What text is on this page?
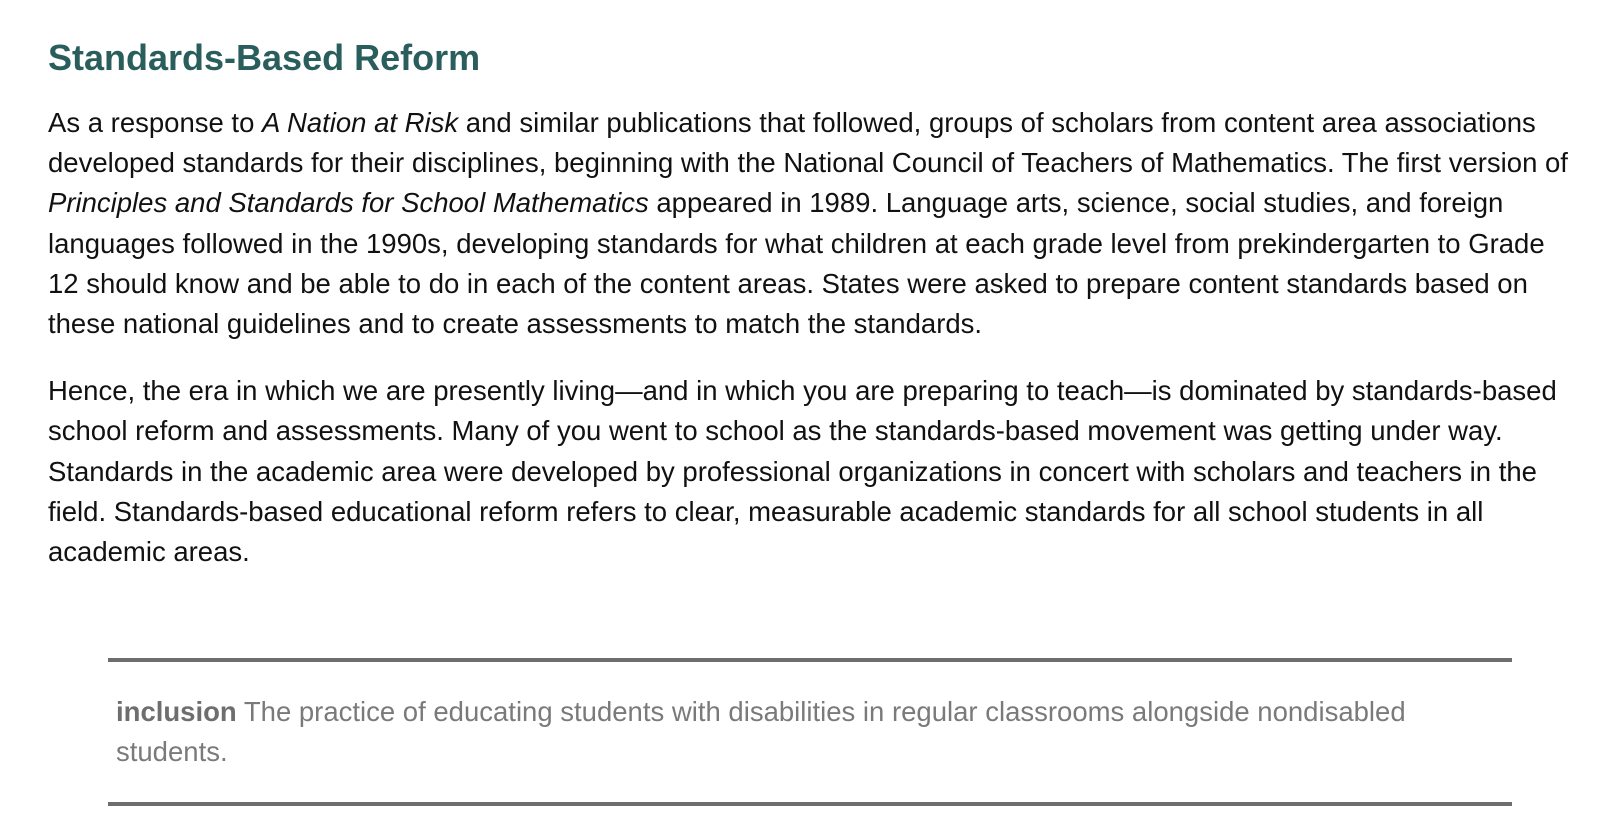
Standards-Based Reform

As a response to A Nation at Risk and similar publications that followed, groups of scholars from content area associations developed standards for their disciplines, beginning with the National Council of Teachers of Mathematics. The first version of Principles and Standards for School Mathematics appeared in 1989. Language arts, science, social studies, and foreign languages followed in the 1990s, developing standards for what children at each grade level from prekindergarten to Grade 12 should know and be able to do in each of the content areas. States were asked to prepare content standards based on these national guidelines and to create assessments to match the standards.

Hence, the era in which we are presently living—and in which you are preparing to teach—is dominated by standards-based school reform and assessments. Many of you went to school as the standards-based movement was getting under way. Standards in the academic area were developed by professional organizations in concert with scholars and teachers in the field. Standards-based educational reform refers to clear, measurable academic standards for all school students in all academic areas.

inclusion The practice of educating students with disabilities in regular classrooms alongside nondisabled students.
